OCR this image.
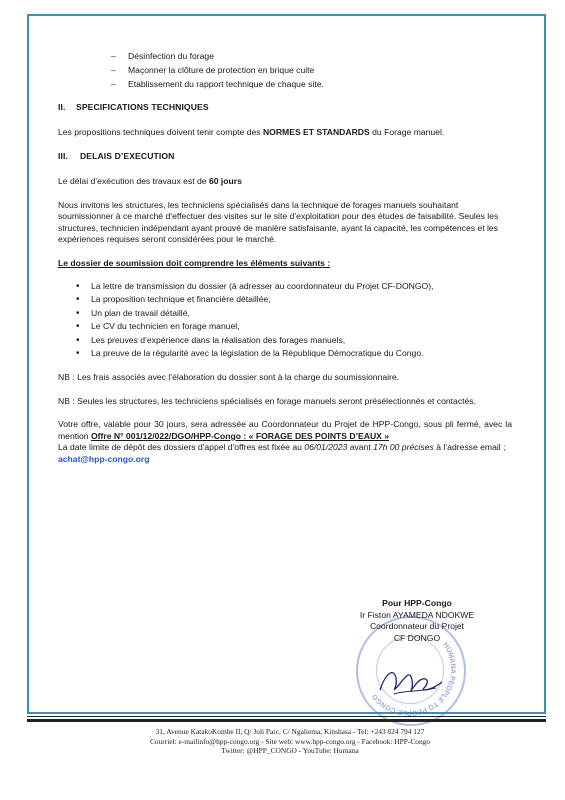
– Désinfection du forage
– Maçonner la clôture de protection en brique cuite
– Etablissement du rapport technique de chaque site.
II. SPECIFICATIONS TECHNIQUES

Les propositions techniques doivent tenir compte des NORMES ET STANDARDS du Forage manuel.

III. DELAIS D’EXECUTION

Le délai d’exécution des travaux est de 60 jours

Nous invitons les structures, les techniciens spécialisés dans la technique de forages manuels souhaitant soumissionner à ce marché d’effectuer des visites sur le site d’exploitation pour des études de faisabilité. Seules les structures, technicien indépendant ayant prouvé de manière satisfaisante, ayant la capacité, les compétences et les expériences requises seront considérées pour le marché.

Le dossier de soumission doit comprendre les éléments suivants :

• La lettre de transmission du dossier (à adresser au coordonnateur du Projet CF-DONGO),
• La proposition technique et financière détaillée,
• Un plan de travail détaillé,
• Le CV du technicien en forage manuel,
• Les preuves d’expérience dans la réalisation des forages manuels,
• La preuve de la régularité avec la législation de la République Démocratique du Congo.

NB : Les frais associés avec l’élaboration du dossier sont à la charge du soumissionnaire.

NB : Seules les structures, les techniciens spécialisés en forage manuels seront présélectionnés et contactés.

Votre offre, valable pour 30 jours, sera adressée au Coordonnateur du Projet de HPP-Congo, sous pli fermé, avec la mention Offre N° 001/12/022/DGO/HPP-Congo : « FORAGE DES POINTS D’EAUX »

La date limite de dépôt des dossiers d'appel d'offres est fixée au 06/01/2023 avant 17h 00 précises à l’adresse email ; achat@hpp-congo.org

HUMANA PEOPLE TO PEOPLE CONGO
Pour HPP-Congo
Ir Fiston AYAMEDA NDOKWE
Coordonnateur du Projet
CF DONGO
31, Avenue KatakoKombe II, Q/ Joli Parc, C/ Ngaliema, Kinshasa - Tel: +243 824 794 127
Courriel: e-mailinfo@hpp-congo.org - Site web: www.hpp-congo.org - Facebook: HPP-Congo
Twitter: @HPP_CONGO - YouTube: Humana
